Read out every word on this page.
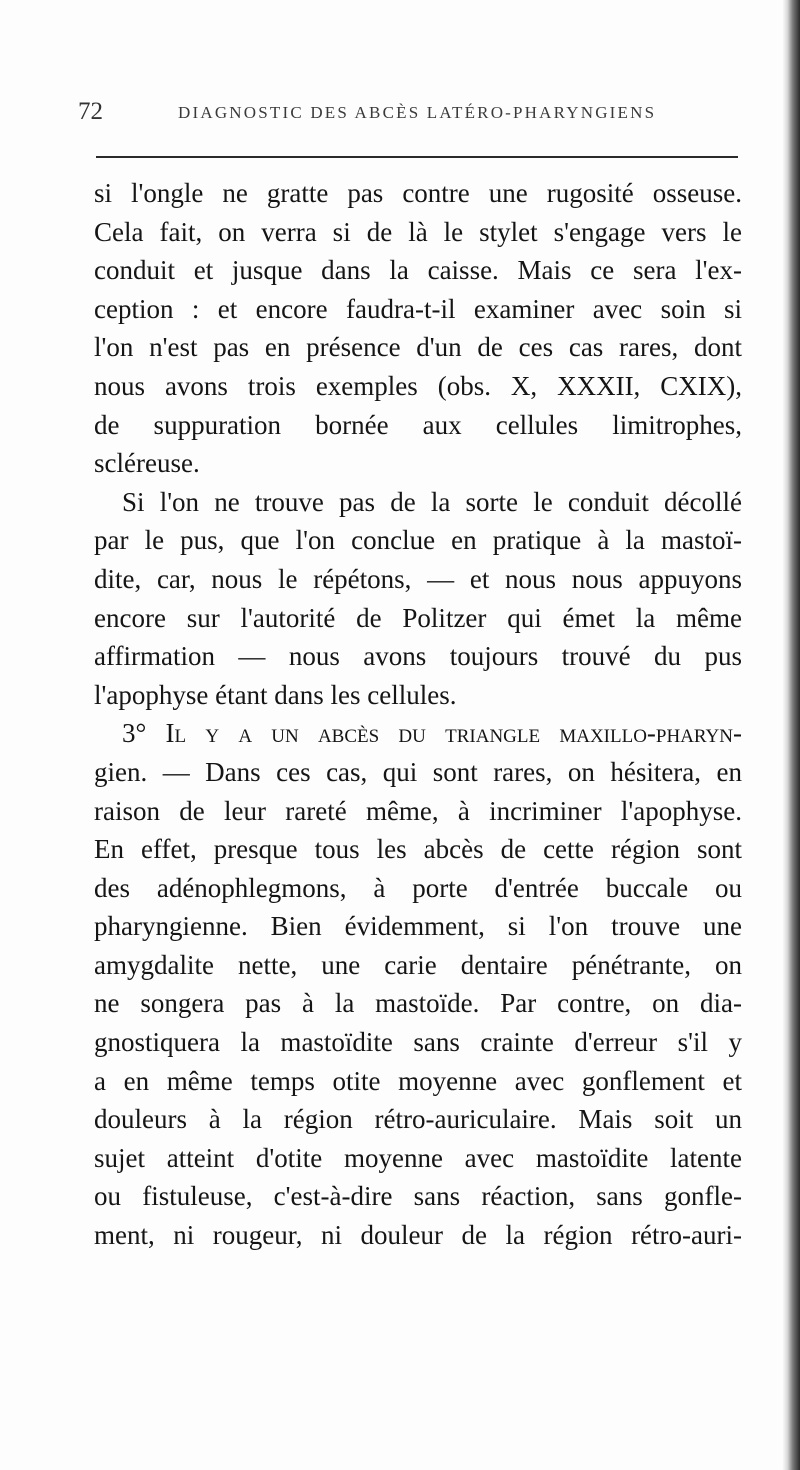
72	DIAGNOSTIC DES ABCÈS LATÉRO-PHARYNGIENS
si l'ongle ne gratte pas contre une rugosité osseuse.
Cela fait, on verra si de là le stylet s'engage vers le
conduit et jusque dans la caisse. Mais ce sera l'ex-
ception : et encore faudra-t-il examiner avec soin si
l'on n'est pas en présence d'un de ces cas rares, dont
nous avons trois exemples (obs. X, XXXII, CXIX),
de suppuration bornée aux cellules limitrophes,
scléreuse.
Si l'on ne trouve pas de la sorte le conduit décollé
par le pus, que l'on conclue en pratique à la mastoï-
dite, car, nous le répétons, — et nous nous appuyons
encore sur l'autorité de Politzer qui émet la même
affirmation — nous avons toujours trouvé du pus
l'apophyse étant dans les cellules.
3° Il y a un abcès du triangle maxillo-pharyn-
gien. — Dans ces cas, qui sont rares, on hésitera, en
raison de leur rareté même, à incriminer l'apophyse.
En effet, presque tous les abcès de cette région sont
des adénophlegmons, à porte d'entrée buccale ou
pharyngienne. Bien évidemment, si l'on trouve une
amygdalite nette, une carie dentaire pénétrante, on
ne songera pas à la mastoïde. Par contre, on dia-
gnostiquera la mastoïdite sans crainte d'erreur s'il y
a en même temps otite moyenne avec gonflement et
douleurs à la région rétro-auriculaire. Mais soit un
sujet atteint d'otite moyenne avec mastoïdite latente
ou fistuleuse, c'est-à-dire sans réaction, sans gonfle-
ment, ni rougeur, ni douleur de la région rétro-auri-
